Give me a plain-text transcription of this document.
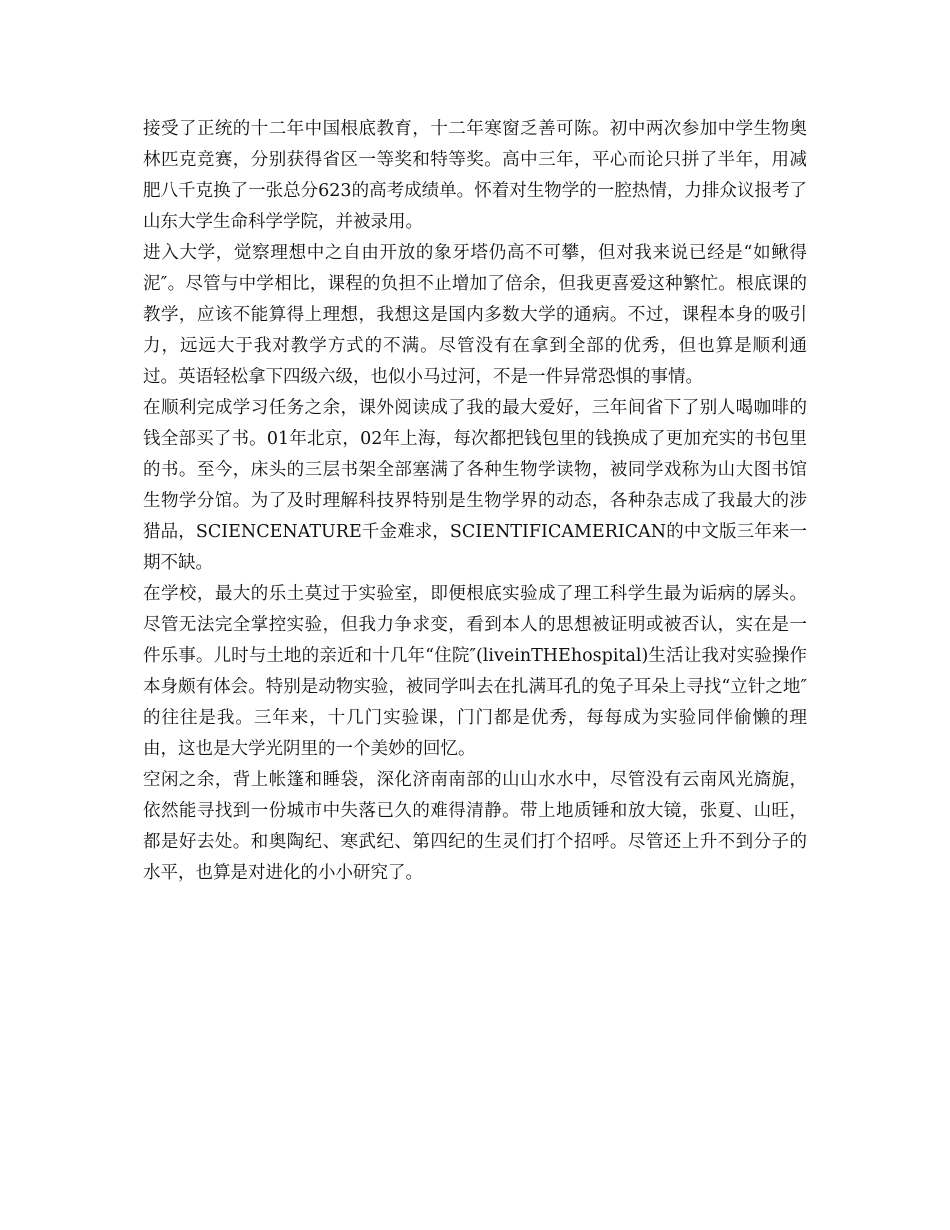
接受了正统的十二年中国根底教育，十二年寒窗乏善可陈。初中两次参加中学生物奥林匹克竞赛，分别获得省区一等奖和特等奖。高中三年，平心而论只拼了半年，用减肥八千克换了一张总分623的高考成绩单。怀着对生物学的一腔热情，力排众议报考了山东大学生命科学学院，并被录用。

进入大学，觉察理想中之自由开放的象牙塔仍高不可攀，但对我来说已经是“如鳅得泥″。尽管与中学相比，课程的负担不止增加了倍余，但我更喜爱这种繁忙。根底课的教学，应该不能算得上理想，我想这是国内多数大学的通病。不过，课程本身的吸引力，远远大于我对教学方式的不满。尽管没有在拿到全部的优秀，但也算是顺利通过。英语轻松拿下四级六级，也似小马过河，不是一件异常恐惧的事情。

在顺利完成学习任务之余，课外阅读成了我的最大爱好，三年间省下了别人喝咖啡的钱全部买了书。01年北京，02年上海，每次都把钱包里的钱换成了更加充实的书包里的书。至今，床头的三层书架全部塞满了各种生物学读物，被同学戏称为山大图书馆生物学分馆。为了及时理解科技界特别是生物学界的动态，各种杂志成了我最大的涉猎品，SCIENCENATURE千金难求，SCIENTIFICAMERICAN的中文版三年来一期不缺。

在学校，最大的乐土莫过于实验室，即便根底实验成了理工科学生最为诟病的孱头。尽管无法完全掌控实验，但我力争求变，看到本人的思想被证明或被否认，实在是一件乐事。儿时与土地的亲近和十几年“住院″(liveinTHEhospital)生活让我对实验操作本身颇有体会。特别是动物实验，被同学叫去在扎满耳孔的兔子耳朵上寻找“立针之地″的往往是我。三年来，十几门实验课，门门都是优秀，每每成为实验同伴偷懒的理由，这也是大学光阴里的一个美妙的回忆。

空闲之余，背上帐篷和睡袋，深化济南南部的山山水水中，尽管没有云南风光旖旎，依然能寻找到一份城市中失落已久的难得清静。带上地质锤和放大镜，张夏、山旺，都是好去处。和奥陶纪、寒武纪、第四纪的生灵们打个招呼。尽管还上升不到分子的水平，也算是对进化的小小研究了。
